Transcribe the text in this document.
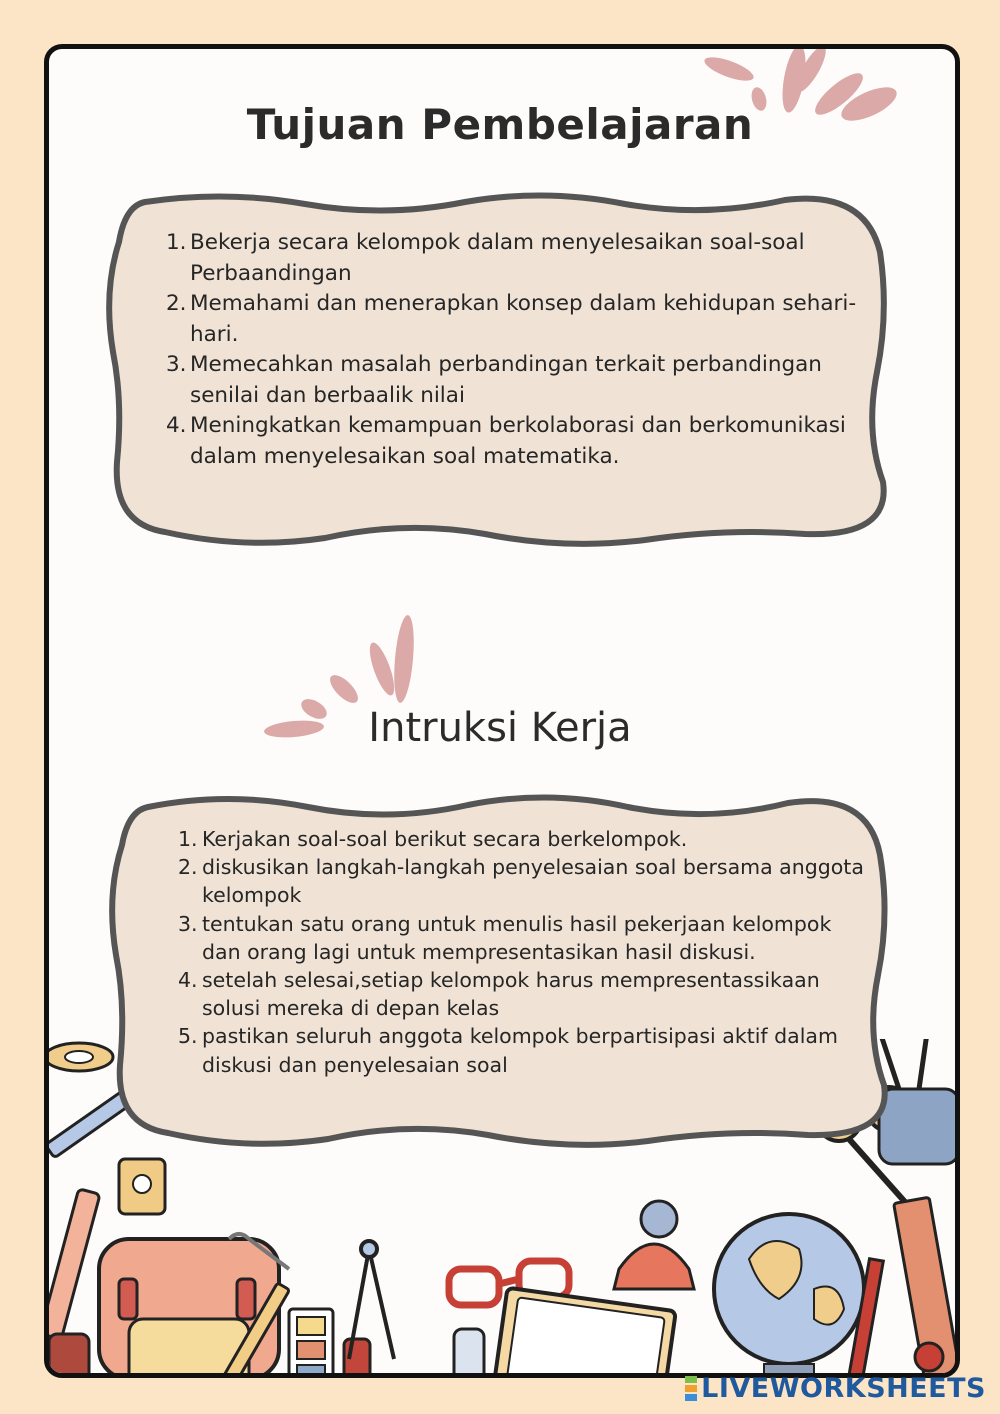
Tujuan Pembelajaran
1. Bekerja secara kelompok dalam menyelesaikan soal-soal Perbaandingan
2. Memahami dan menerapkan konsep dalam kehidupan sehari-hari.
3. Memecahkan masalah perbandingan terkait perbandingan senilai dan berbaalik nilai
4. Meningkatkan kemampuan berkolaborasi dan berkomunikasi dalam menyelesaikan soal matematika.
Intruksi Kerja
1. Kerjakan soal-soal berikut secara berkelompok.
2. diskusikan langkah-langkah penyelesaian soal bersama anggota kelompok
3. tentukan satu orang untuk menulis hasil pekerjaan kelompok dan orang lagi untuk mempresentasikan hasil diskusi.
4. setelah selesai,setiap kelompok harus mempresentassikaan solusi mereka di depan kelas
5. pastikan seluruh anggota kelompok berpartisipasi aktif dalam diskusi dan penyelesaian soal
LIVEWORKSHEETS
